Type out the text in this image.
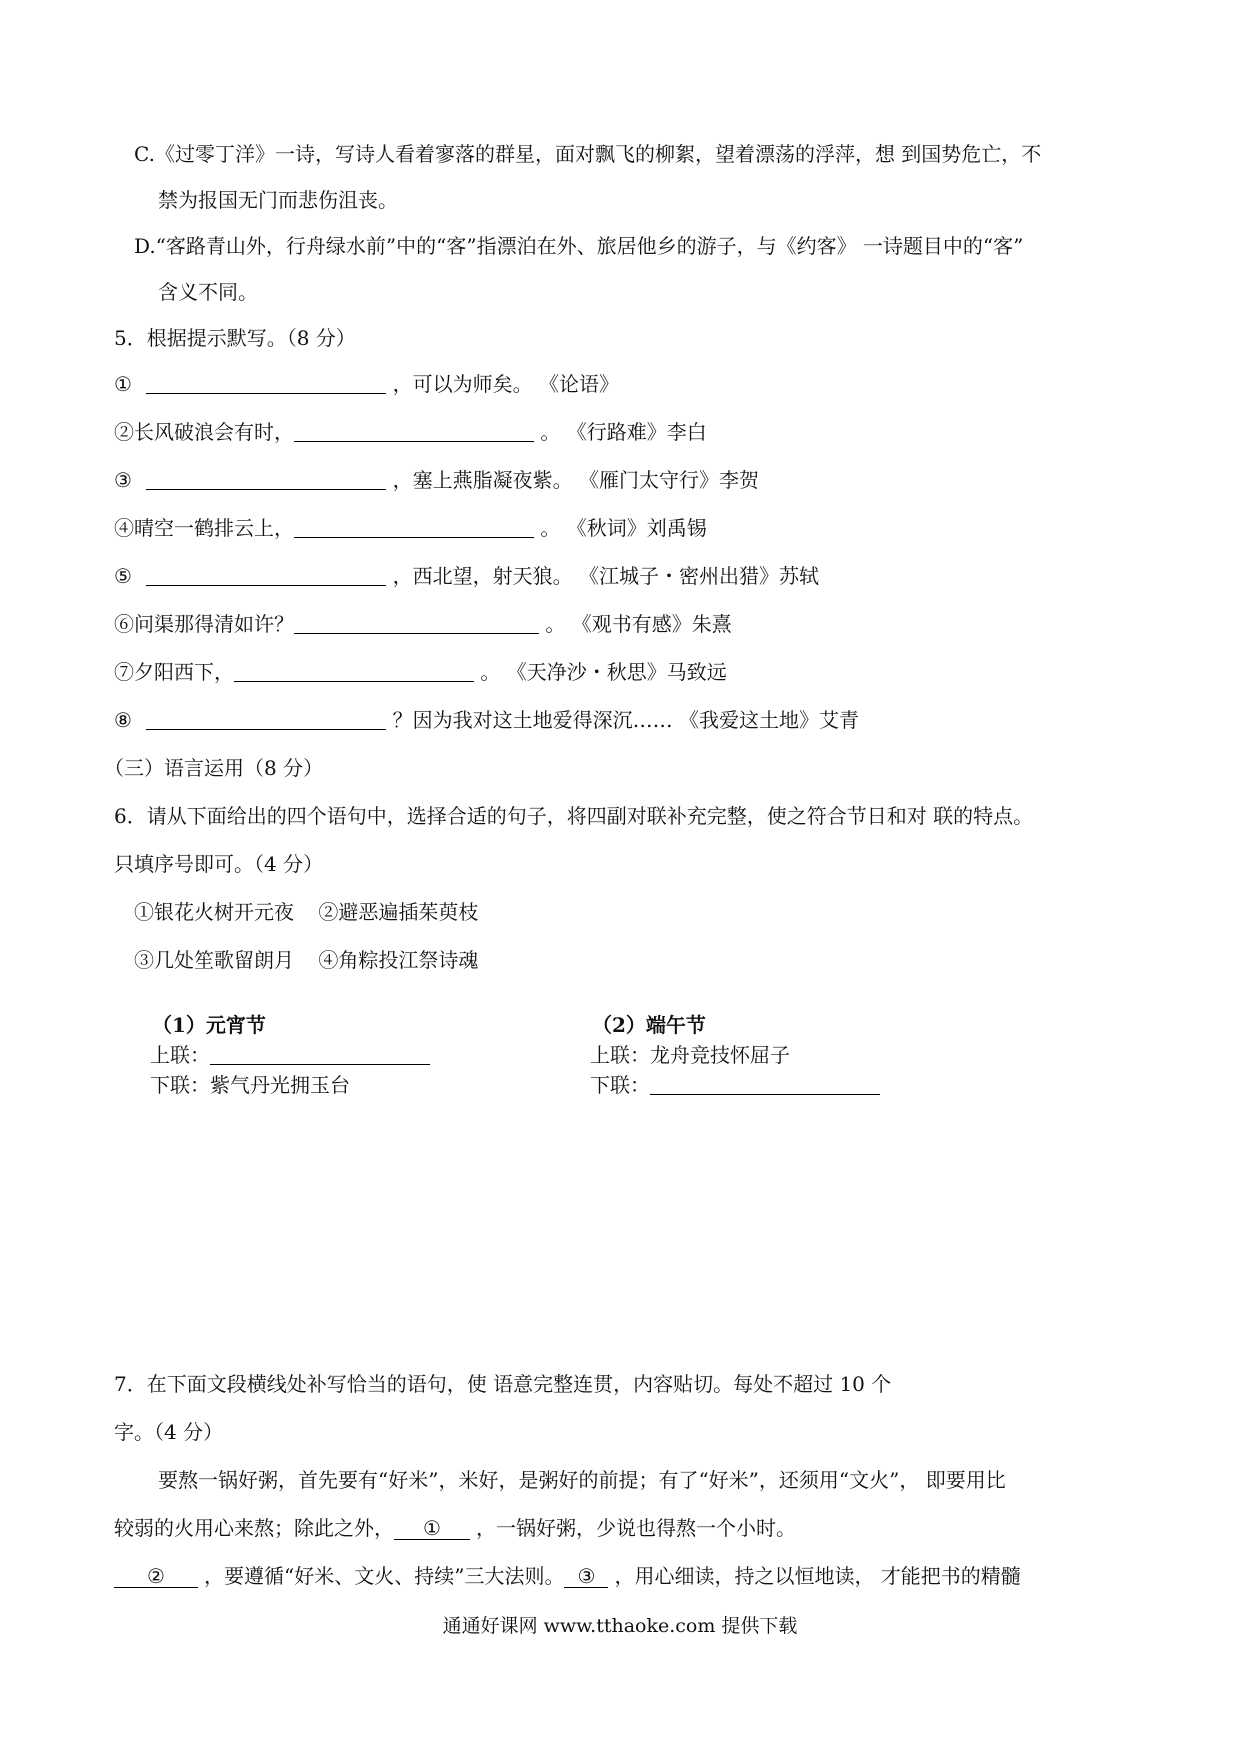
C.《过零丁洋》一诗，写诗人看着寥落的群星，面对飘飞的柳絮，望着漂荡的浮萍，想 到国势危亡，不
禁为报国无门而悲伤沮丧。
D.“客路青山外，行舟绿水前”中的“客”指漂泊在外、旅居他乡的游子，与《约客》 一诗题目中的“客”
含义不同。
5．根据提示默写。（8 分）
①	，可以为师矣。 《论语》
②长风破浪会有时，	。 《行路难》李白
③	，塞上燕脂凝夜紫。 《雁门太守行》李贺
④晴空一鹤排云上，	。 《秋词》刘禹锡
⑤	，西北望，射天狼。 《江城子・密州出猎》苏轼
⑥问渠那得清如许？	。 《观书有感》朱熹
⑦夕阳西下，	。 《天净沙・秋思》马致远
⑧	？因为我对这土地爱得深沉…… 《我爱这土地》艾青
（三）语言运用（8 分）
6．请从下面给出的四个语句中，选择合适的句子，将四副对联补充完整，使之符合节日和对 联的特点。
只填序号即可。（4 分）
①银花火树开元夜 ②避恶遍插茱萸枝
③几处笙歌留朗月 ④角粽投江祭诗魂
（1）元宵节
上联：
下联：紫气丹光拥玉台
（2）端午节
上联：龙舟竞技怀屈子
下联：
7．在下面文段横线处补写恰当的语句，使 语意完整连贯，内容贴切。每处不超过 10 个
字。（4 分）
要熬一锅好粥，首先要有“好米”，米好，是粥好的前提；有了“好米”，还须用“文火”， 即要用比
较弱的火用心来熬；除此之外， ① ，一锅好粥，少说也得熬一个小时。
② ，要遵循“好米、文火、持续”三大法则。 ③ ，用心细读，持之以恒地读， 才能把书的精髓
通通好课网 www.tthaoke.com 提供下载
